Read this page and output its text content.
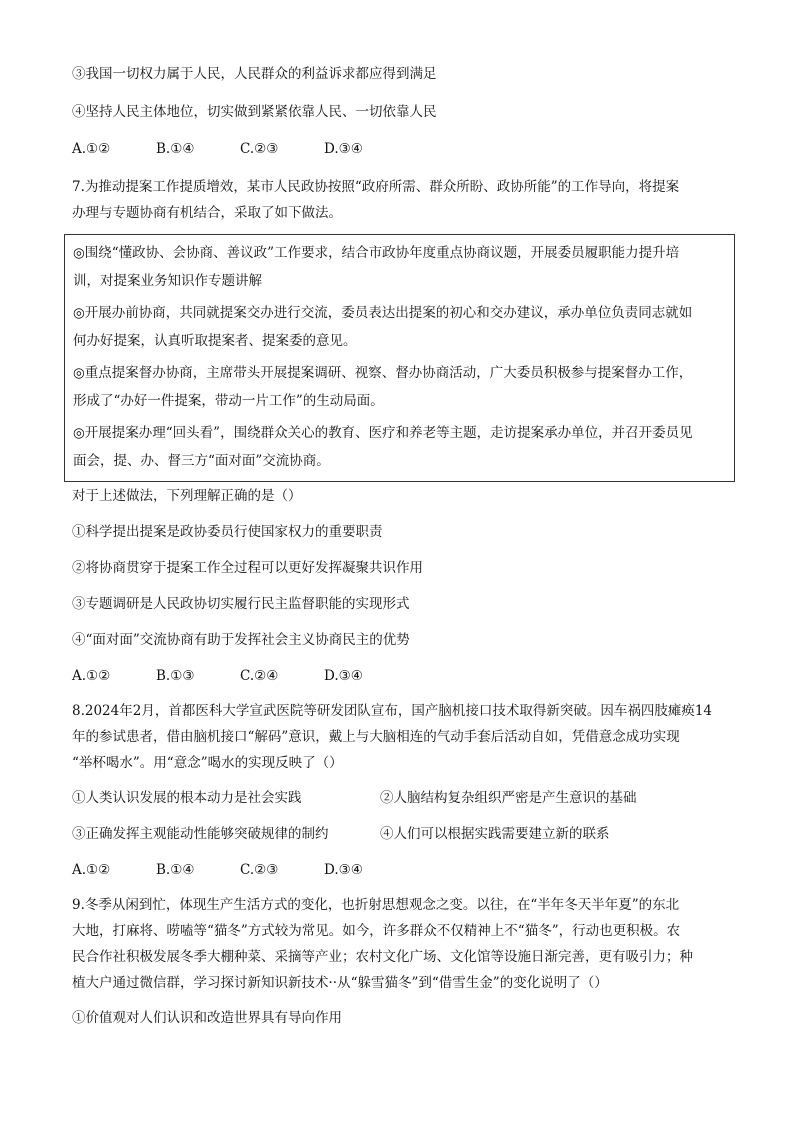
③我国一切权力属于人民，人民群众的利益诉求都应得到满足

④坚持人民主体地位，切实做到紧紧依靠人民、一切依靠人民

A.①②	B.①④	C.②③	D.③④

7.为推动提案工作提质增效，某市人民政协按照“政府所需、群众所盼、政协所能”的工作导向，将提案

办理与专题协商有机结合，采取了如下做法。

◎围绕“懂政协、会协商、善议政”工作要求，结合市政协年度重点协商议题，开展委员履职能力提升培

训，对提案业务知识作专题讲解

◎开展办前协商，共同就提案交办进行交流，委员表达出提案的初心和交办建议，承办单位负责同志就如

何办好提案，认真听取提案者、提案委的意见。

◎重点提案督办协商，主席带头开展提案调研、视察、督办协商活动，广大委员积极参与提案督办工作，

形成了“办好一件提案，带动一片工作”的生动局面。

◎开展提案办理“回头看”，围绕群众关心的教育、医疗和养老等主题，走访提案承办单位，并召开委员见

面会，提、办、督三方“面对面”交流协商。

对于上述做法，下列理解正确的是（）

①科学提出提案是政协委员行使国家权力的重要职责

②将协商贯穿于提案工作全过程可以更好发挥凝聚共识作用

③专题调研是人民政协切实履行民主监督职能的实现形式

④“面对面”交流协商有助于发挥社会主义协商民主的优势

A.①②	B.①③	C.②④	D.③④

8.2024年2月，首都医科大学宣武医院等研发团队宣布，国产脑机接口技术取得新突破。因车祸四肢瘫痪14

年的参试患者，借由脑机接口“解码”意识，戴上与大脑相连的气动手套后活动自如，凭借意念成功实现

“举杯喝水”。用“意念”喝水的实现反映了（）

①人类认识发展的根本动力是社会实践	②人脑结构复杂组织严密是产生意识的基础
③正确发挥主观能动性能够突破规律的制约	④人们可以根据实践需要建立新的联系
A.①②	B.①④	C.②③	D.③④

9.冬季从闲到忙，体现生产生活方式的变化，也折射思想观念之变。以往，在“半年冬天半年夏”的东北

大地，打麻将、唠嗑等“猫冬”方式较为常见。如今，许多群众不仅精神上不“猫冬”，行动也更积极。农

民合作社积极发展冬季大棚种菜、采摘等产业；农村文化广场、文化馆等设施日渐完善，更有吸引力；种

植大户通过微信群，学习探讨新知识新技术··从“躲雪猫冬”到“借雪生金”的变化说明了（）

①价值观对人们认识和改造世界具有导向作用
